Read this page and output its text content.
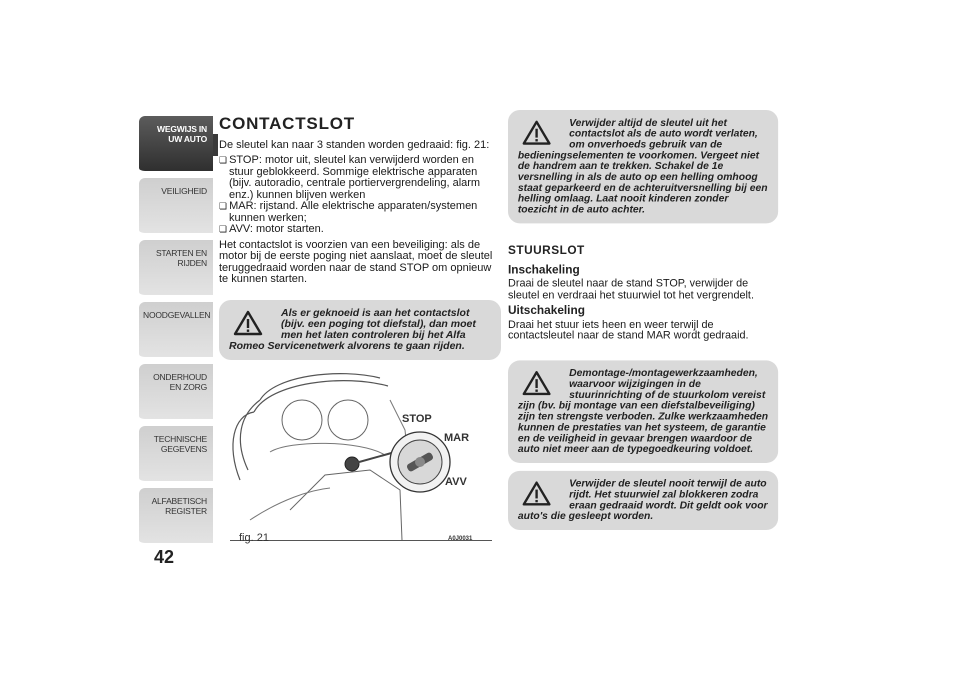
WEGWIJS IN UW AUTO
VEILIGHEID
STARTEN EN RIJDEN
NOODGEVALLEN
ONDERHOUD EN ZORG
TECHNISCHE GEGEVENS
ALFABETISCH REGISTER
42
CONTACTSLOT

De sleutel kan naar 3 standen worden gedraaid: fig. 21:

❏ STOP: motor uit, sleutel kan verwijderd worden en stuur geblokkeerd. Sommige elektrische apparaten (bijv. autoradio, centrale portiervergrendeling, alarm enz.) kunnen blijven werken
❏ MAR: rijstand. Alle elektrische apparaten/systemen kunnen werken;
❏ AVV: motor starten.

Het contactslot is voorzien van een beveiliging: als de motor bij de eerste poging niet aanslaat, moet de sleutel teruggedraaid worden naar de stand STOP om opnieuw te kunnen starten.

Als er geknoeid is aan het contactslot (bijv. een poging tot diefstal), dan moet men het laten controleren bij het Alfa Romeo Servicenetwerk alvorens te gaan rijden.
STOP
MAR
AVV
fig. 21	A0J0031
Verwijder altijd de sleutel uit het contactslot als de auto wordt verlaten, om onverhoeds gebruik van de bedieningselementen te voorkomen. Vergeet niet de handrem aan te trekken. Schakel de 1e versnelling in als de auto op een helling omhoog staat geparkeerd en de achteruitversnelling bij een helling omlaag. Laat nooit kinderen zonder toezicht in de auto achter.
STUURSLOT
Inschakeling

Draai de sleutel naar de stand STOP, verwijder de sleutel en verdraai het stuurwiel tot het vergrendelt.

Uitschakeling

Draai het stuur iets heen en weer terwijl de contactsleutel naar de stand MAR wordt gedraaid.

Demontage-/montagewerkzaamheden, waarvoor wijzigingen in de stuurinrichting of de stuurkolom vereist zijn (bv. bij montage van een diefstalbeveiliging) zijn ten strengste verboden. Zulke werkzaamheden kunnen de prestaties van het systeem, de garantie en de veiligheid in gevaar brengen waardoor de auto niet meer aan de typegoedkeuring voldoet.
Verwijder de sleutel nooit terwijl de auto rijdt. Het stuurwiel zal blokkeren zodra eraan gedraaid wordt. Dit geldt ook voor auto's die gesleept worden.
